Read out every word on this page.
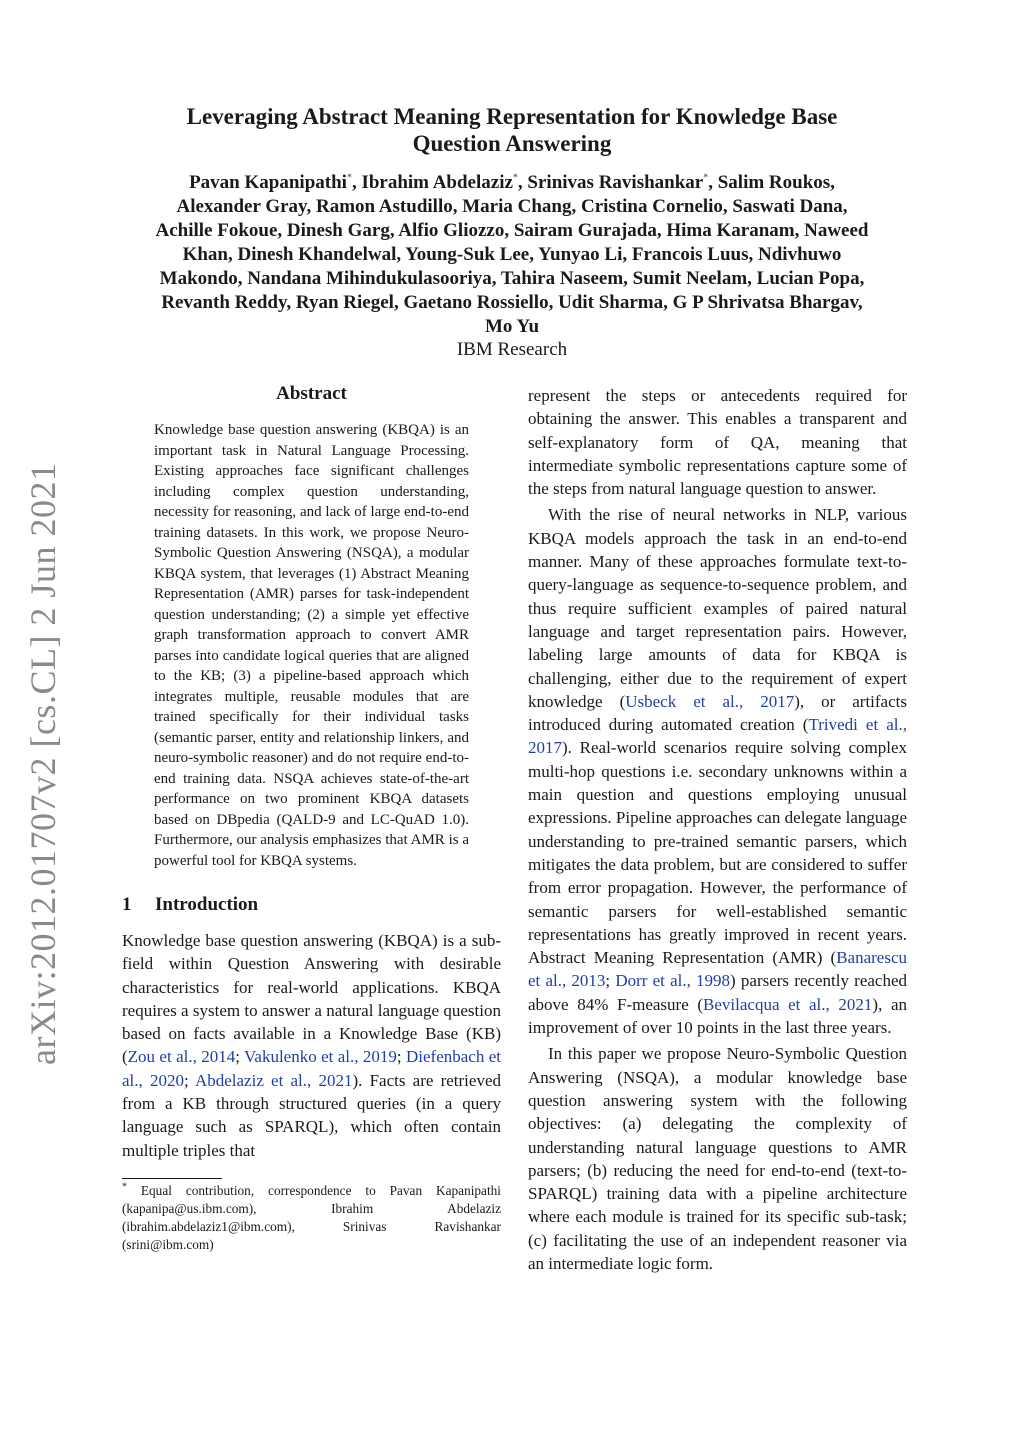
arXiv:2012.01707v2 [cs.CL] 2 Jun 2021
Leveraging Abstract Meaning Representation for Knowledge Base Question Answering
Pavan Kapanipathi*, Ibrahim Abdelaziz*, Srinivas Ravishankar*, Salim Roukos, Alexander Gray, Ramon Astudillo, Maria Chang, Cristina Cornelio, Saswati Dana, Achille Fokoue, Dinesh Garg, Alfio Gliozzo, Sairam Gurajada, Hima Karanam, Naweed Khan, Dinesh Khandelwal, Young-Suk Lee, Yunyao Li, Francois Luus, Ndivhuwo Makondo, Nandana Mihindukulasooriya, Tahira Naseem, Sumit Neelam, Lucian Popa, Revanth Reddy, Ryan Riegel, Gaetano Rossiello, Udit Sharma, G P Shrivatsa Bhargav, Mo Yu
IBM Research
Abstract
Knowledge base question answering (KBQA) is an important task in Natural Language Processing. Existing approaches face significant challenges including complex question understanding, necessity for reasoning, and lack of large end-to-end training datasets. In this work, we propose Neuro-Symbolic Question Answering (NSQA), a modular KBQA system, that leverages (1) Abstract Meaning Representation (AMR) parses for task-independent question understanding; (2) a simple yet effective graph transformation approach to convert AMR parses into candidate logical queries that are aligned to the KB; (3) a pipeline-based approach which integrates multiple, reusable modules that are trained specifically for their individual tasks (semantic parser, entity and relationship linkers, and neuro-symbolic reasoner) and do not require end-to-end training data. NSQA achieves state-of-the-art performance on two prominent KBQA datasets based on DBpedia (QALD-9 and LC-QuAD 1.0). Furthermore, our analysis emphasizes that AMR is a powerful tool for KBQA systems.
1 Introduction

Knowledge base question answering (KBQA) is a sub-field within Question Answering with desirable characteristics for real-world applications. KBQA requires a system to answer a natural language question based on facts available in a Knowledge Base (KB) (Zou et al., 2014; Vakulenko et al., 2019; Diefenbach et al., 2020; Abdelaziz et al., 2021). Facts are retrieved from a KB through structured queries (in a query language such as SPARQL), which often contain multiple triples that

* Equal contribution, correspondence to Pavan Kapanipathi (kapanipa@us.ibm.com), Ibrahim Abdelaziz (ibrahim.abdelaziz1@ibm.com), Srinivas Ravishankar (srini@ibm.com)

represent the steps or antecedents required for obtaining the answer. This enables a transparent and self-explanatory form of QA, meaning that intermediate symbolic representations capture some of the steps from natural language question to answer.

With the rise of neural networks in NLP, various KBQA models approach the task in an end-to-end manner. Many of these approaches formulate text-to-query-language as sequence-to-sequence problem, and thus require sufficient examples of paired natural language and target representation pairs. However, labeling large amounts of data for KBQA is challenging, either due to the requirement of expert knowledge (Usbeck et al., 2017), or artifacts introduced during automated creation (Trivedi et al., 2017). Real-world scenarios require solving complex multi-hop questions i.e. secondary unknowns within a main question and questions employing unusual expressions. Pipeline approaches can delegate language understanding to pre-trained semantic parsers, which mitigates the data problem, but are considered to suffer from error propagation. However, the performance of semantic parsers for well-established semantic representations has greatly improved in recent years. Abstract Meaning Representation (AMR) (Banarescu et al., 2013; Dorr et al., 1998) parsers recently reached above 84% F-measure (Bevilacqua et al., 2021), an improvement of over 10 points in the last three years.

In this paper we propose Neuro-Symbolic Question Answering (NSQA), a modular knowledge base question answering system with the following objectives: (a) delegating the complexity of understanding natural language questions to AMR parsers; (b) reducing the need for end-to-end (text-to-SPARQL) training data with a pipeline architecture where each module is trained for its specific sub-task; (c) facilitating the use of an independent reasoner via an intermediate logic form.
